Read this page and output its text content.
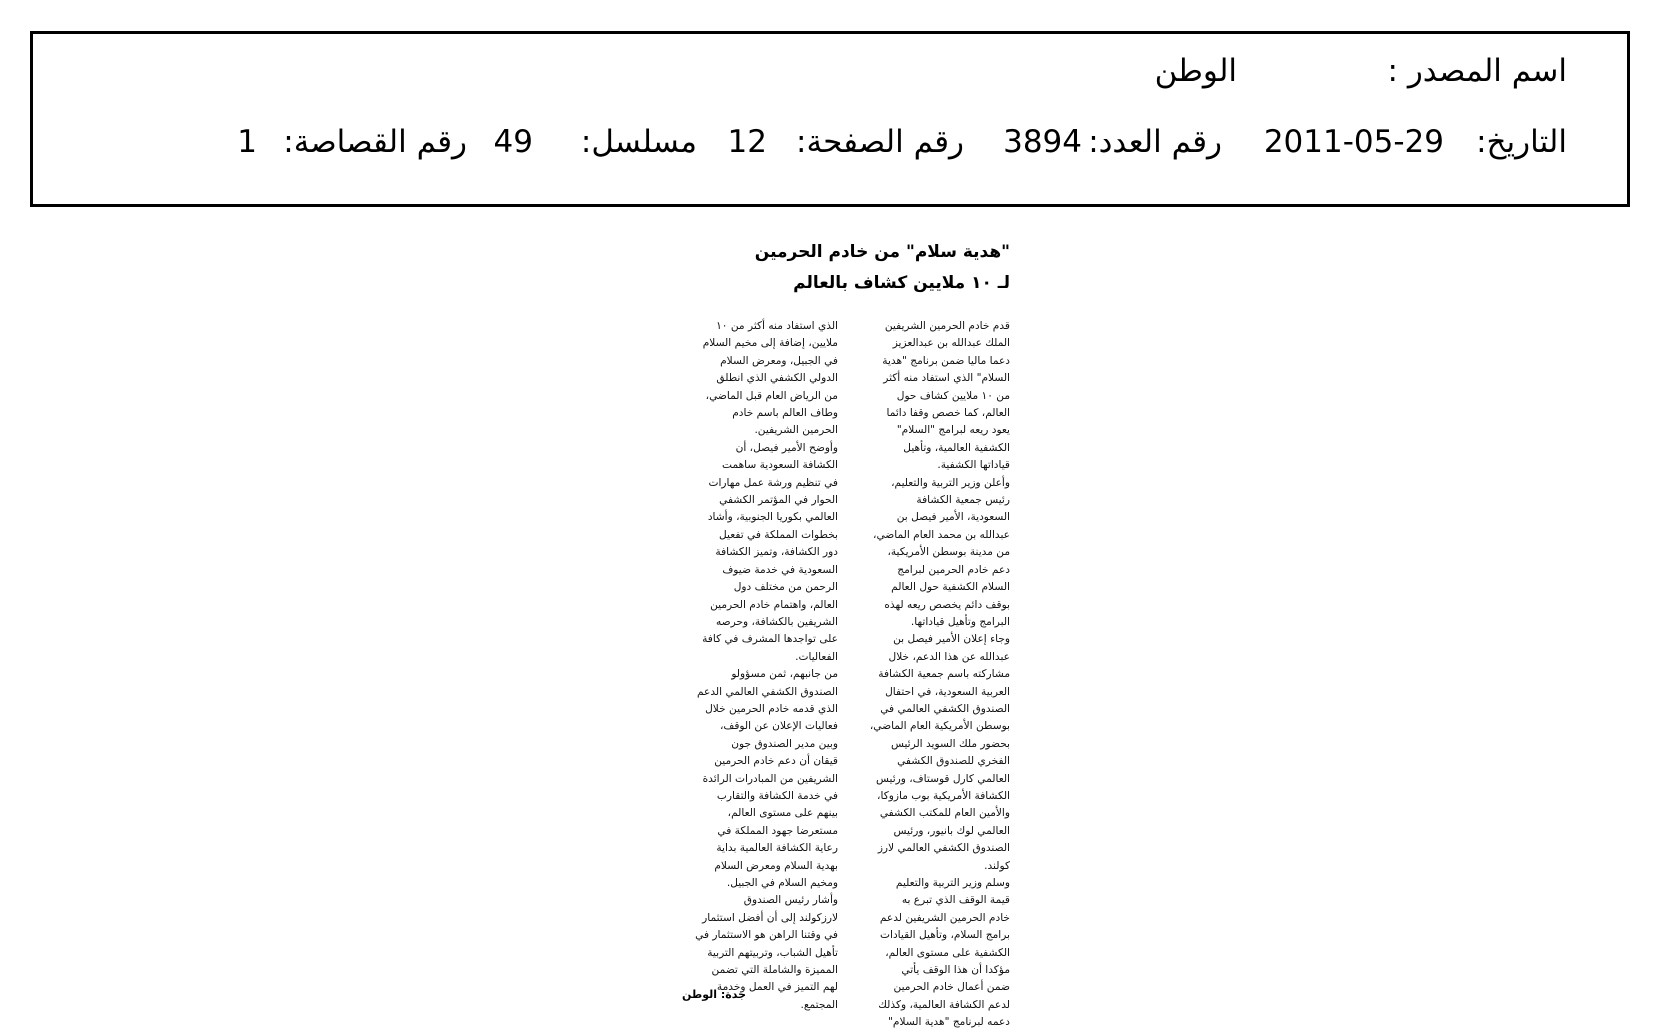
اسم المصدر :
الوطن
التاريخ:
2011-05-29
رقم العدد:
3894
رقم الصفحة:
12
مسلسل:
49
رقم القصاصة:
1
"هدية سلام" من خادم الحرمين
لـ ١٠ ملايين كشاف بالعالم

قدم خادم الحرمين الشريفين

الملك عبدالله بن عبدالعزيز

دعما ماليا ضمن برنامج "هدية

السلام" الذي استفاد منه أكثر

من ١٠ ملايين كشاف حول

العالم، كما خصص وقفا دائما

يعود ريعه لبرامج "السلام"

الكشفية العالمية، وتأهيل

قياداتها الكشفية.

وأعلن وزير التربية والتعليم،

رئيس جمعية الكشافة

السعودية، الأمير فيصل بن

عبدالله بن محمد العام الماضي،

من مدينة بوسطن الأمريكية،

دعم خادم الحرمين لبرامج

السلام الكشفية حول العالم

بوقف دائم يخصص ريعه لهذه

البرامج وتأهيل قياداتها.

وجاء إعلان الأمير فيصل بن

عبدالله عن هذا الدعم، خلال

مشاركته باسم جمعية الكشافة

العربية السعودية، في احتفال

الصندوق الكشفي العالمي في

بوسطن الأمريكية العام الماضي،

بحضور ملك السويد الرئيس

الفخري للصندوق الكشفي

العالمي كارل قوستاف، ورئيس

الكشافة الأمريكية بوب مازوكا،

والأمين العام للمكتب الكشفي

العالمي لوك بانيور، ورئيس

الصندوق الكشفي العالمي لارز

كولند.

وسلم وزير التربية والتعليم

قيمة الوقف الذي تبرع به

خادم الحرمين الشريفين لدعم

برامج السلام، وتأهيل القيادات

الكشفية على مستوى العالم،

مؤكدا أن هذا الوقف يأتي

ضمن أعمال خادم الحرمين

لدعم الكشافة العالمية، وكذلك

دعمه لبرنامج "هدية السلام"

الذي استفاد منه أكثر من ١٠

ملايين، إضافة إلى مخيم السلام

في الجبيل، ومعرض السلام

الدولي الكشفي الذي انطلق

من الرياض العام قبل الماضي،

وطاف العالم باسم خادم

الحرمين الشريفين.

وأوضح الأمير فيصل، أن

الكشافة السعودية ساهمت

في تنظيم ورشة عمل مهارات

الحوار في المؤتمر الكشفي

العالمي بكوريا الجنوبية، وأشاد

بخطوات المملكة في تفعيل

دور الكشافة، وتميز الكشافة

السعودية في خدمة ضيوف

الرحمن من مختلف دول

العالم، واهتمام خادم الحرمين

الشريفين بالكشافة، وحرصه

على تواجدها المشرف في كافة

الفعاليات.

من جانبهم، ثمن مسؤولو

الصندوق الكشفي العالمي الدعم

الذي قدمه خادم الحرمين خلال

فعاليات الإعلان عن الوقف،

وبين مدير الصندوق جون

قيقان أن دعم خادم الحرمين

الشريفين من المبادرات الرائدة

في خدمة الكشافة والتقارب

بينهم على مستوى العالم،

مستعرضا جهود المملكة في

رعاية الكشافة العالمية بداية

بهدية السلام ومعرض السلام

ومخيم السلام في الجبيل.

وأشار رئيس الصندوق

لارزكولند إلى أن أفضل استثمار

في وقتنا الراهن هو الاستثمار في

تأهيل الشباب، وتربيتهم التربية

المميزة والشاملة التي تضمن

لهم التميز في العمل وخدمة

المجتمع.

جدة: الوطن
